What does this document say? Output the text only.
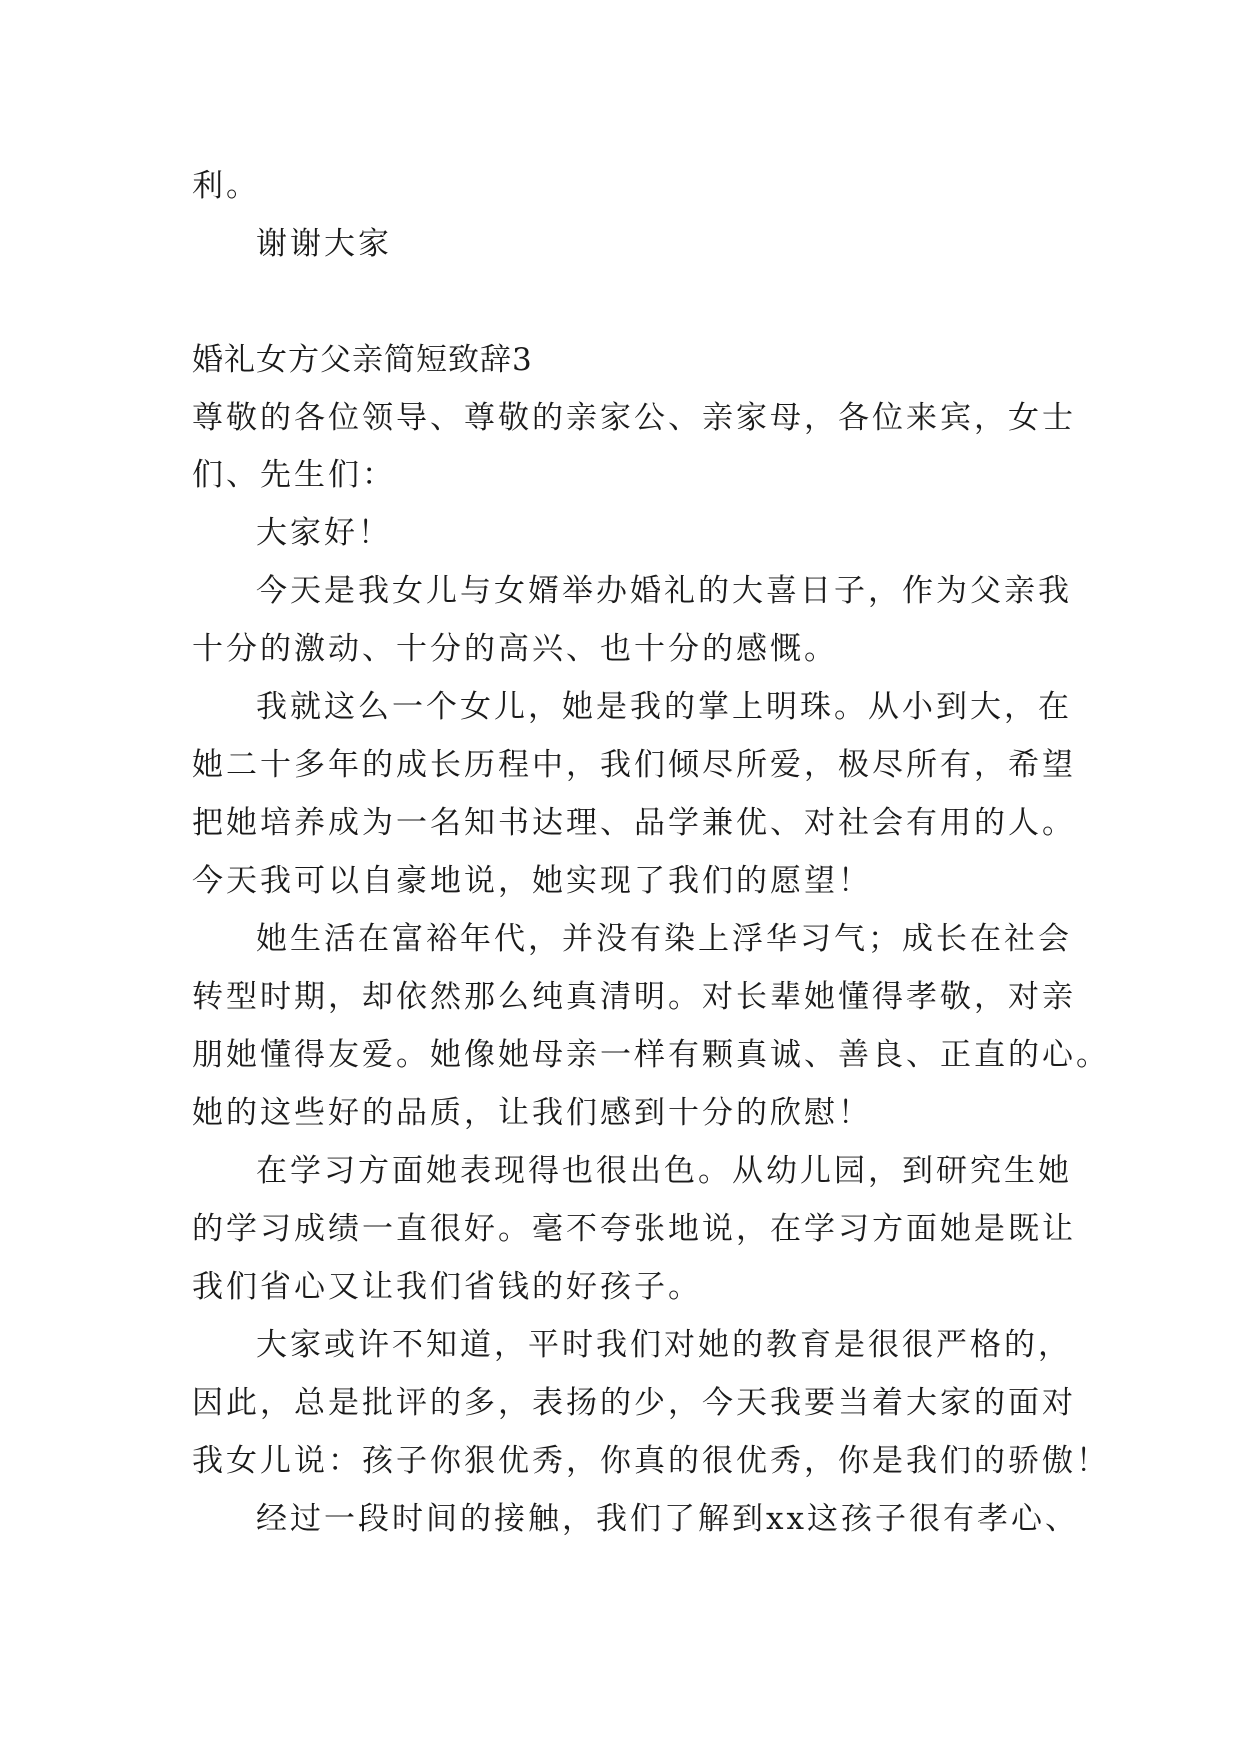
利。
谢谢大家
婚礼女方父亲简短致辞3
尊敬的各位领导、尊敬的亲家公、亲家母，各位来宾，女士
们、先生们：
大家好！
今天是我女儿与女婿举办婚礼的大喜日子，作为父亲我
十分的激动、十分的高兴、也十分的感慨。
我就这么一个女儿，她是我的掌上明珠。从小到大，在
她二十多年的成长历程中，我们倾尽所爱，极尽所有，希望
把她培养成为一名知书达理、品学兼优、对社会有用的人。
今天我可以自豪地说，她实现了我们的愿望！
她生活在富裕年代，并没有染上浮华习气；成长在社会
转型时期，却依然那么纯真清明。对长辈她懂得孝敬，对亲
朋她懂得友爱。她像她母亲一样有颗真诚、善良、正直的心。
她的这些好的品质，让我们感到十分的欣慰！
在学习方面她表现得也很出色。从幼儿园，到研究生她
的学习成绩一直很好。毫不夸张地说，在学习方面她是既让
我们省心又让我们省钱的好孩子。
大家或许不知道，平时我们对她的教育是很很严格的，
因此，总是批评的多，表扬的少，今天我要当着大家的面对
我女儿说：孩子你狠优秀，你真的很优秀，你是我们的骄傲！
经过一段时间的接触，我们了解到xx这孩子很有孝心、
